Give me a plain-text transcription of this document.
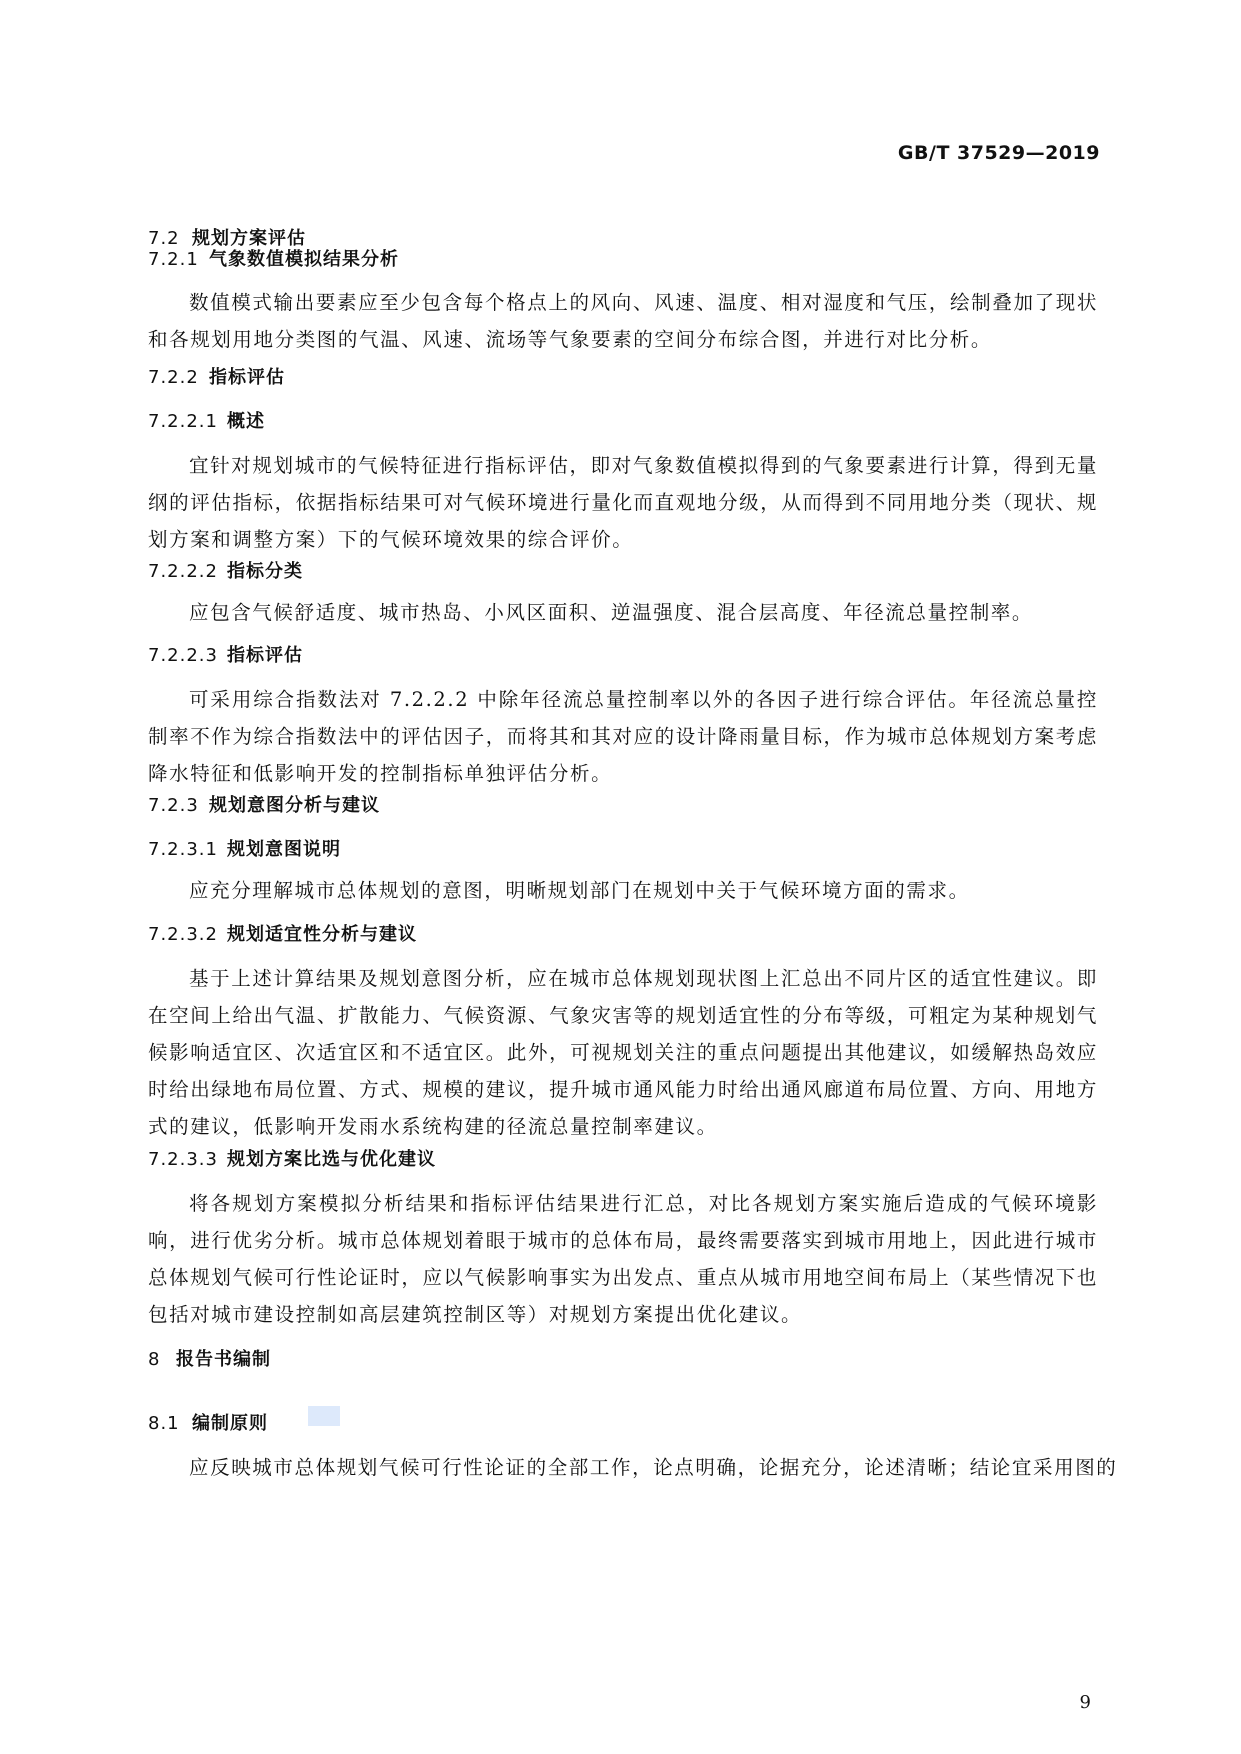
GB/T 37529—2019
7.2 规划方案评估
7.2.1 气象数值模拟结果分析
数值模式输出要素应至少包含每个格点上的风向、风速、温度、相对湿度和气压，绘制叠加了现状和各规划用地分类图的气温、风速、流场等气象要素的空间分布综合图，并进行对比分析。
7.2.2 指标评估
7.2.2.1 概述
宜针对规划城市的气候特征进行指标评估，即对气象数值模拟得到的气象要素进行计算，得到无量纲的评估指标，依据指标结果可对气候环境进行量化而直观地分级，从而得到不同用地分类（现状、规划方案和调整方案）下的气候环境效果的综合评价。
7.2.2.2 指标分类
应包含气候舒适度、城市热岛、小风区面积、逆温强度、混合层高度、年径流总量控制率。
7.2.2.3 指标评估
可采用综合指数法对 7.2.2.2 中除年径流总量控制率以外的各因子进行综合评估。年径流总量控制率不作为综合指数法中的评估因子，而将其和其对应的设计降雨量目标，作为城市总体规划方案考虑降水特征和低影响开发的控制指标单独评估分析。
7.2.3 规划意图分析与建议
7.2.3.1 规划意图说明
应充分理解城市总体规划的意图，明晰规划部门在规划中关于气候环境方面的需求。
7.2.3.2 规划适宜性分析与建议
基于上述计算结果及规划意图分析，应在城市总体规划现状图上汇总出不同片区的适宜性建议。即在空间上给出气温、扩散能力、气候资源、气象灾害等的规划适宜性的分布等级，可粗定为某种规划气候影响适宜区、次适宜区和不适宜区。此外，可视规划关注的重点问题提出其他建议，如缓解热岛效应时给出绿地布局位置、方式、规模的建议，提升城市通风能力时给出通风廊道布局位置、方向、用地方式的建议，低影响开发雨水系统构建的径流总量控制率建议。
7.2.3.3 规划方案比选与优化建议
将各规划方案模拟分析结果和指标评估结果进行汇总，对比各规划方案实施后造成的气候环境影响，进行优劣分析。城市总体规划着眼于城市的总体布局，最终需要落实到城市用地上，因此进行城市总体规划气候可行性论证时，应以气候影响事实为出发点、重点从城市用地空间布局上（某些情况下也包括对城市建设控制如高层建筑控制区等）对规划方案提出优化建议。
8 报告书编制
8.1 编制原则
应反映城市总体规划气候可行性论证的全部工作，论点明确，论据充分，论述清晰；结论宜采用图的
9
